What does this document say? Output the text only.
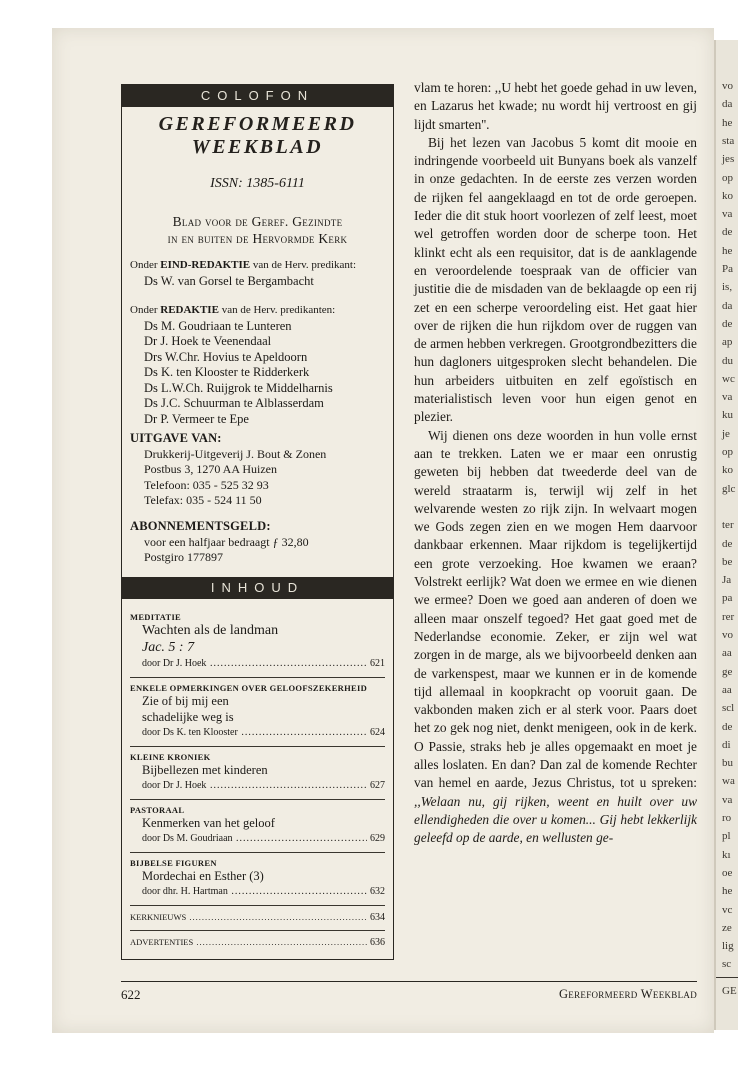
vo
da
he
sta
jes
op
ko
va
de
he
Pa
is,
da
de
ap
du
wc
va
ku
je
op
ko
glc
ter
de
be
Ja
pa
rer
vo
aa
ge
aa
scl
de
di
bu
wa
va
ro
pl
kı
oe
he
vc
ze
lig
sc
GE
COLOFON
GEREFORMEERD
WEEKBLAD
ISSN: 1385-6111
Blad voor de Geref. Gezindte
in en buiten de Hervormde Kerk
Onder EIND-REDAKTIE van de Herv. predikant:
Ds W. van Gorsel te Bergambacht
Onder REDAKTIE van de Herv. predikanten:
Ds M. Goudriaan te Lunteren
Dr J. Hoek te Veenendaal
Drs W.Chr. Hovius te Apeldoorn
Ds K. ten Klooster te Ridderkerk
Ds L.W.Ch. Ruijgrok te Middelharnis
Ds J.C. Schuurman te Alblasserdam
Dr P. Vermeer te Epe
UITGAVE VAN:
Drukkerij-Uitgeverij J. Bout & Zonen
Postbus 3, 1270 AA Huizen
Telefoon: 035 - 525 32 93
Telefax: 035 - 524 11 50
ABONNEMENTSGELD:
voor een halfjaar bedraagt ƒ 32,80
Postgiro 177897
INHOUD
MEDITATIE
Wachten als de landman
Jac. 5 : 7
door Dr J. Hoek .....	621
ENKELE OPMERKINGEN OVER GELOOFSZEKERHEID
Zie of bij mij een
schadelijke weg is
door Ds K. ten Klooster .....	624
KLEINE KRONIEK
Bijbellezen met kinderen
door Dr J. Hoek .....	627
PASTORAAL
Kenmerken van het geloof
door Ds M. Goudriaan .....	629
BIJBELSE FIGUREN
Mordechai en Esther (3)
door dhr. H. Hartman .....	632
KERKNIEUWS .....	634
ADVERTENTIES .....	636

vlam te horen: ,,U hebt het goede gehad in uw leven, en Lazarus het kwade; nu wordt hij vertroost en gij lijdt smarten''.

Bij het lezen van Jacobus 5 komt dit mooie en indringende voorbeeld uit Bunyans boek als vanzelf in onze gedachten. In de eerste zes verzen worden de rijken fel aangeklaagd en tot de orde geroepen. Ieder die dit stuk hoort voorlezen of zelf leest, moet wel getroffen worden door de scherpe toon. Het klinkt echt als een requisitor, dat is de aanklagende en veroordelende toespraak van de officier van justitie die de misdaden van de beklaagde op een rij zet en een scherpe veroordeling eist. Het gaat hier over de rijken die hun rijkdom over de ruggen van de armen hebben verkregen. Grootgrondbezitters die hun dagloners uitgesproken slecht behandelen. Die hun arbeiders uitbuiten en zelf egoïstisch en materialistisch leven voor hun eigen genot en plezier.

Wij dienen ons deze woorden in hun volle ernst aan te trekken. Laten we er maar een onrustig geweten bij hebben dat tweederde deel van de wereld straatarm is, terwijl wij zelf in het welvarende westen zo rijk zijn. In welvaart mogen we Gods zegen zien en we mogen Hem daarvoor dankbaar erkennen. Maar rijkdom is tegelijkertijd een grote verzoeking. Hoe kwamen we eraan? Volstrekt eerlijk? Wat doen we ermee en wie dienen we ermee? Doen we goed aan anderen of doen we alleen maar onszelf tegoed? Het gaat goed met de Nederlandse economie. Zeker, er zijn wel wat zorgen in de marge, als we bijvoorbeeld denken aan de varkenspest, maar we kunnen er in de komende tijd allemaal in koopkracht op vooruit gaan. De vakbonden maken zich er al sterk voor. Paars doet het zo gek nog niet, denkt menigeen, ook in de kerk. O Passie, straks heb je alles opgemaakt en moet je alles loslaten. En dan? Dan zal de komende Rechter van hemel en aarde, Jezus Christus, tot u spreken: ,,Welaan nu, gij rijken, weent en huilt over uw ellendigheden die over u komen... Gij hebt lekkerlijk geleefd op de aarde, en wellusten ge-

622	Gereformeerd Weekblad
